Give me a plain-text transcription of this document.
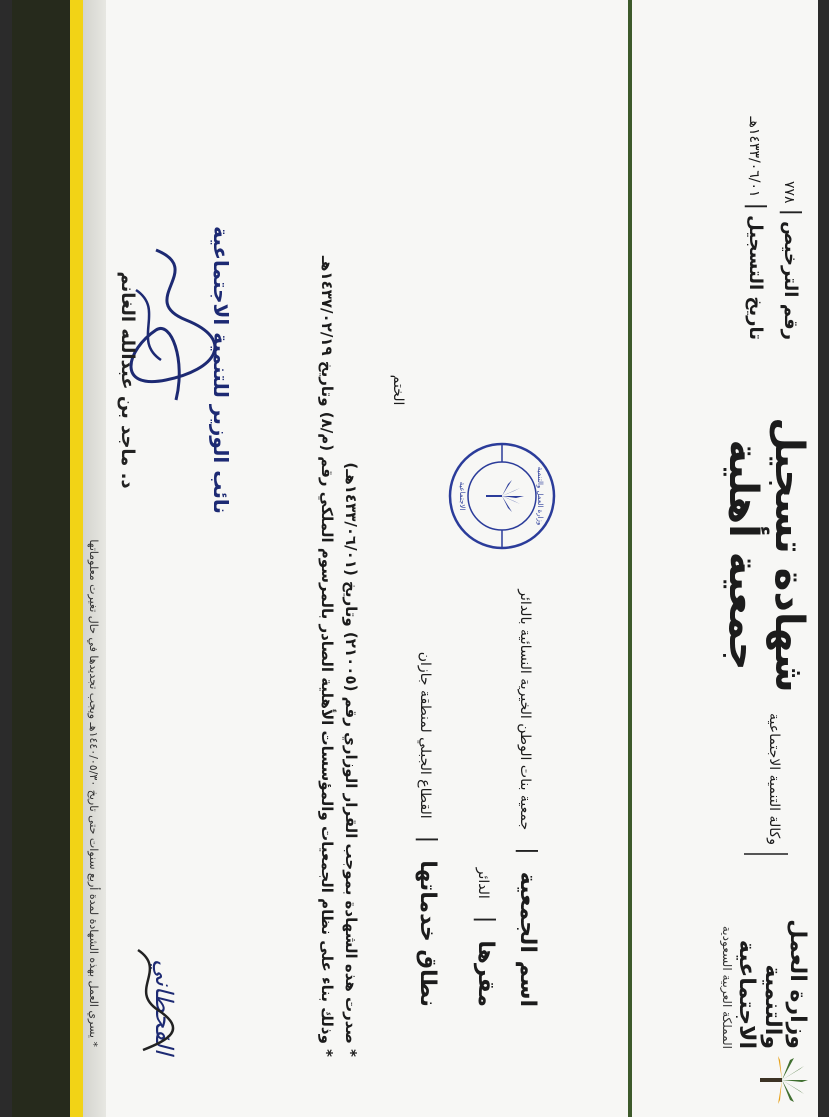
وزارة العمل
والتنمية الاجتماعية
المملكة العربية السعودية
وكالة التنمية الاجتماعية
رقم الترخيص | ٧٧٨
تاريخ التسجيل | ١٤٣٣/٠٦/٠١هـ
شهادة تسجيل
جمعية أهلية
اسم الجمعية | جمعية بنات الوطن الخيرية النسائية بالدائر
مقرها | الدائر
نطاق خدماتها | القطاع الجبلي لمنطقة جازان
* صدرت هذه الشهادة بموجب القرار الوزاري رقم (٢١٠٠٥) وتاريخ (١٤٣٣/٠٦/٠١هـ)
* وذلك بناء على نظام الجمعيات والمؤسسات الأهلية الصادر بالمرسوم الملكي رقم (م/٨) وتاريخ ١٤٣٧/٠٢/١٩هـ
الختم
وزارة العمل والتنمية
الاجتماعية
نائب الوزير للتنمية الاجتماعية
د. ماجد بن عبدالله الغانم
القحطاني
* يسري العمل بهذه الشهادة لمدة أربع سنوات حتى تاريخ ١٤٤٠/٠٥/٣٠هـ ويجب تجديدها في حال تغيرت معلوماتها
